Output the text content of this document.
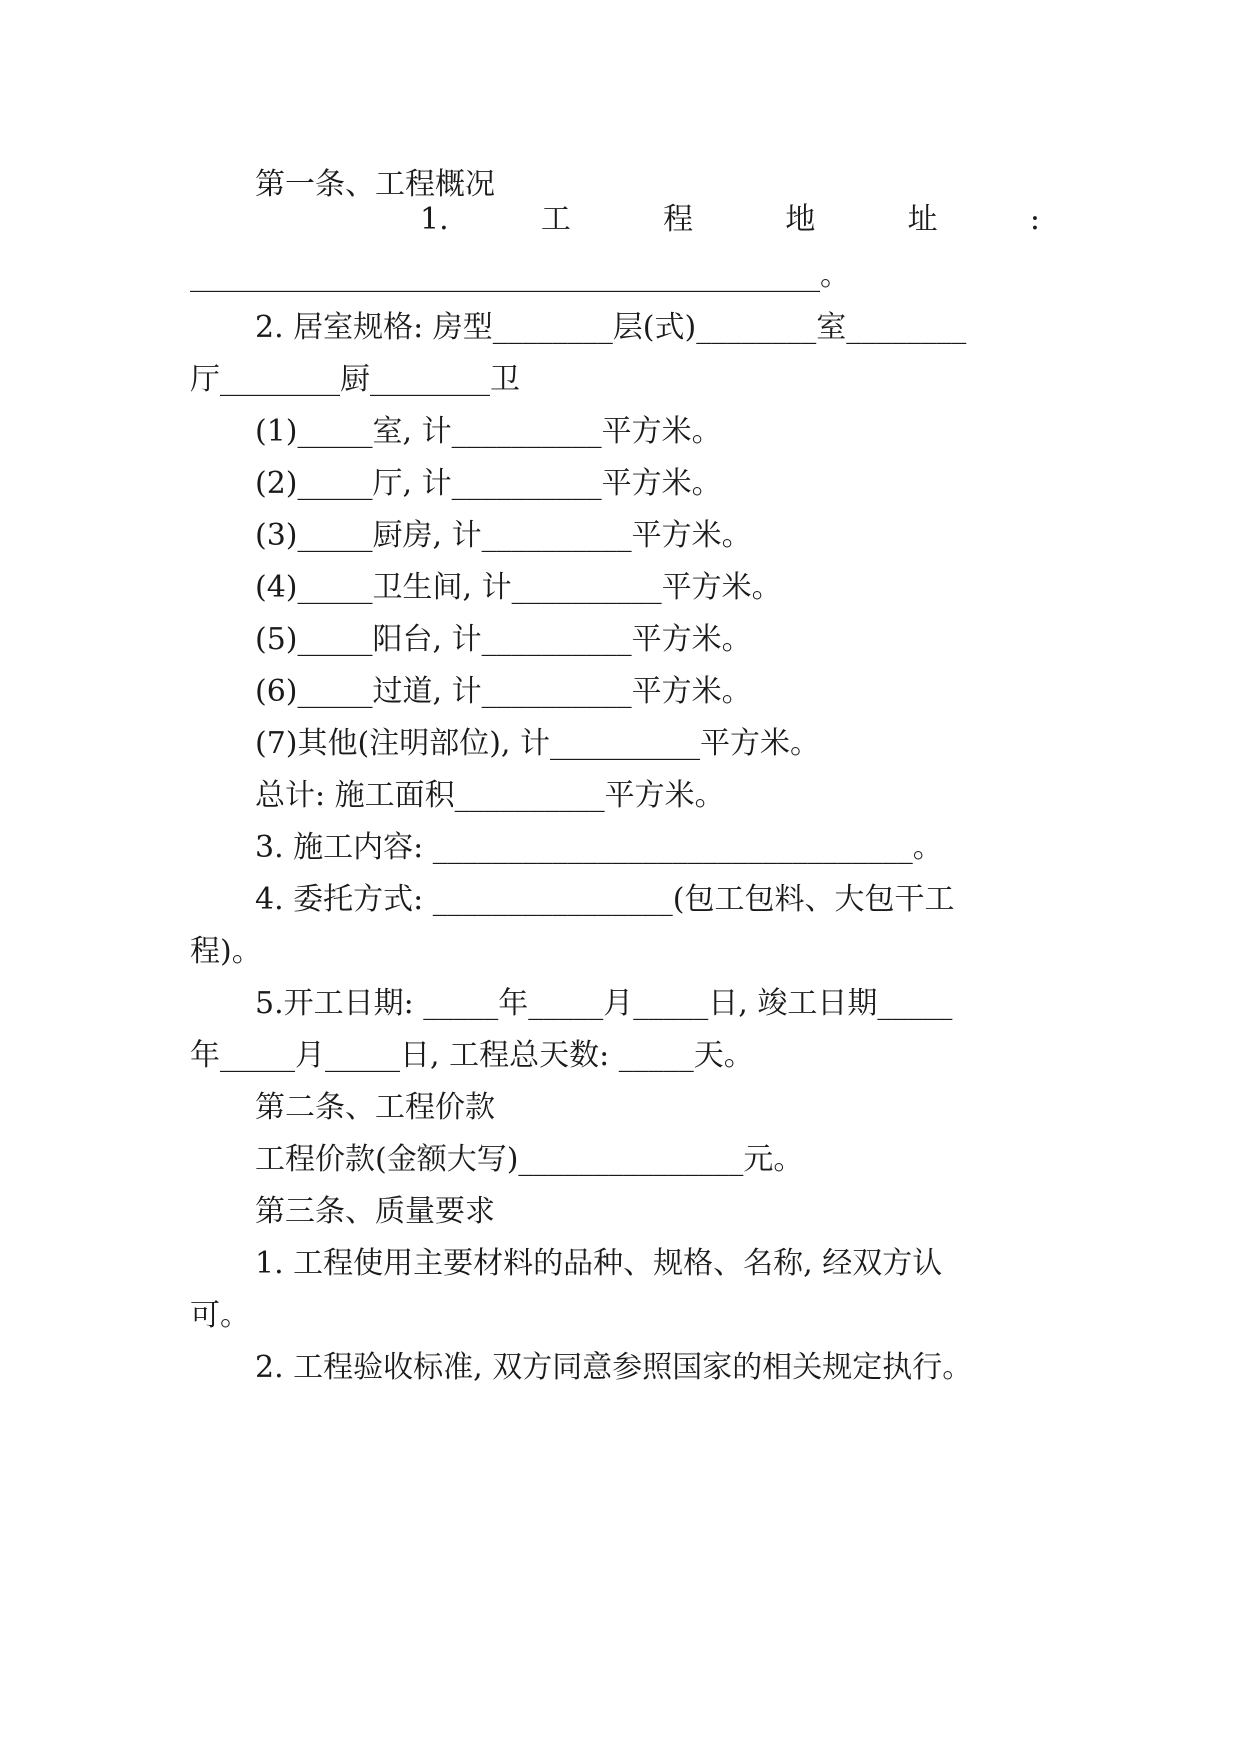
第一条、工程概况
1.	工	程	地	址	:
__________________________________________。
2. 居室规格: 房型________层(式)________室________
厅________厨________卫
(1)_____室, 计__________平方米。
(2)_____厅, 计__________平方米。
(3)_____厨房, 计__________平方米。
(4)_____卫生间, 计__________平方米。
(5)_____阳台, 计__________平方米。
(6)_____过道, 计__________平方米。
(7)其他(注明部位), 计__________平方米。
总计: 施工面积__________平方米。
3. 施工内容: ________________________________。
4. 委托方式: ________________(包工包料、大包干工
程)。
5.开工日期: _____年_____月_____日, 竣工日期_____
年_____月_____日, 工程总天数: _____天。
第二条、工程价款
工程价款(金额大写)_______________元。
第三条、质量要求
1. 工程使用主要材料的品种、规格、名称, 经双方认
可。
2. 工程验收标准, 双方同意参照国家的相关规定执行。
